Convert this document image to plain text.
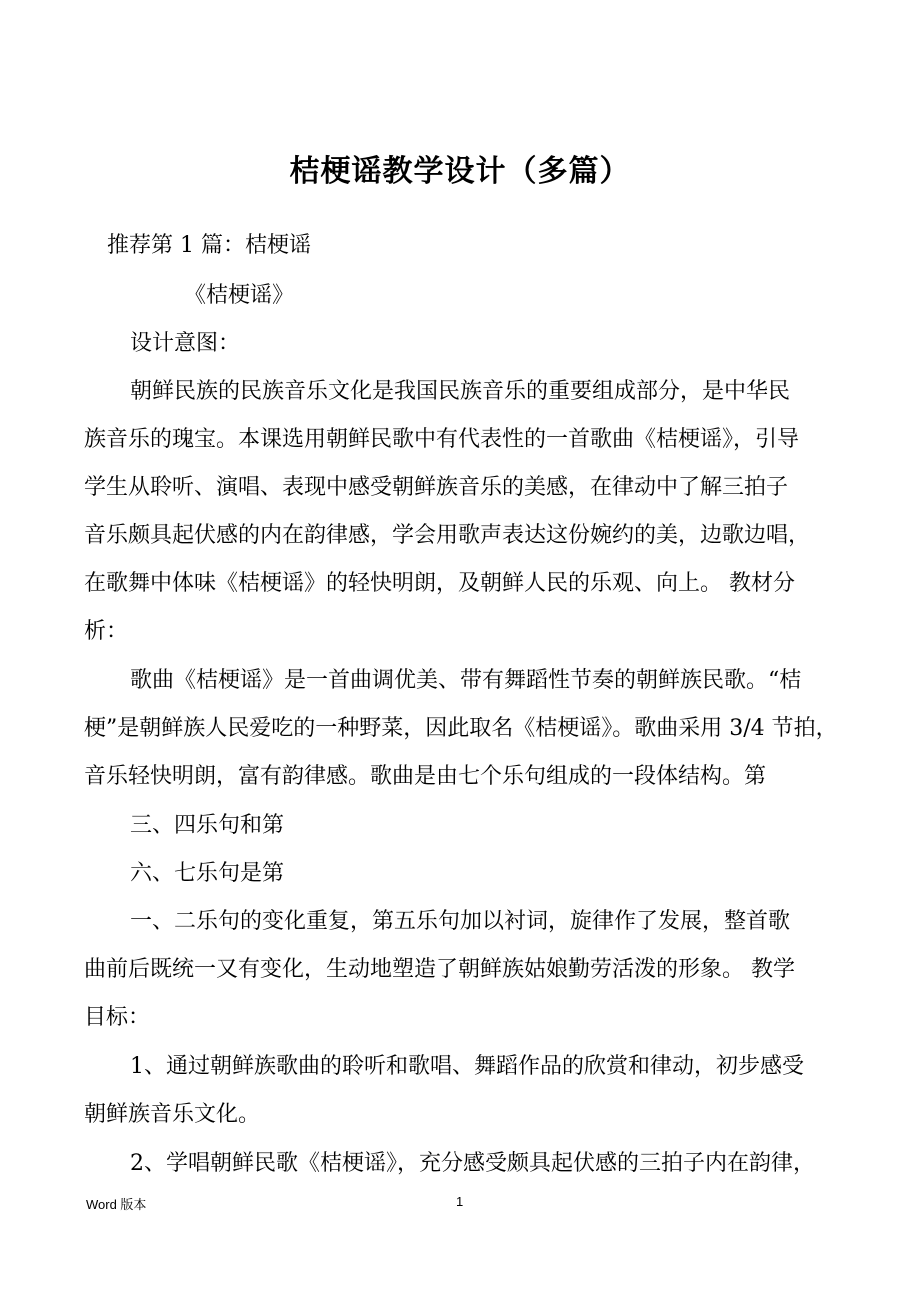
桔梗谣教学设计（多篇）
推荐第 1 篇：桔梗谣
《桔梗谣》
设计意图：
朝鲜民族的民族音乐文化是我国民族音乐的重要组成部分，是中华民
族音乐的瑰宝。本课选用朝鲜民歌中有代表性的一首歌曲《桔梗谣》，引导
学生从聆听、演唱、表现中感受朝鲜族音乐的美感，在律动中了解三拍子
音乐颇具起伏感的内在韵律感，学会用歌声表达这份婉约的美，边歌边唱，
在歌舞中体味《桔梗谣》的轻快明朗，及朝鲜人民的乐观、向上。 教材分
析：
歌曲《桔梗谣》是一首曲调优美、带有舞蹈性节奏的朝鲜族民歌。“桔
梗”是朝鲜族人民爱吃的一种野菜，因此取名《桔梗谣》。歌曲采用 3/4 节拍，
音乐轻快明朗，富有韵律感。歌曲是由七个乐句组成的一段体结构。第
三、四乐句和第
六、七乐句是第
一、二乐句的变化重复，第五乐句加以衬词，旋律作了发展，整首歌
曲前后既统一又有变化，生动地塑造了朝鲜族姑娘勤劳活泼的形象。 教学
目标：
1、通过朝鲜族歌曲的聆听和歌唱、舞蹈作品的欣赏和律动，初步感受
朝鲜族音乐文化。
2、学唱朝鲜民歌《桔梗谣》，充分感受颇具起伏感的三拍子内在韵律，
Word 版本	1
